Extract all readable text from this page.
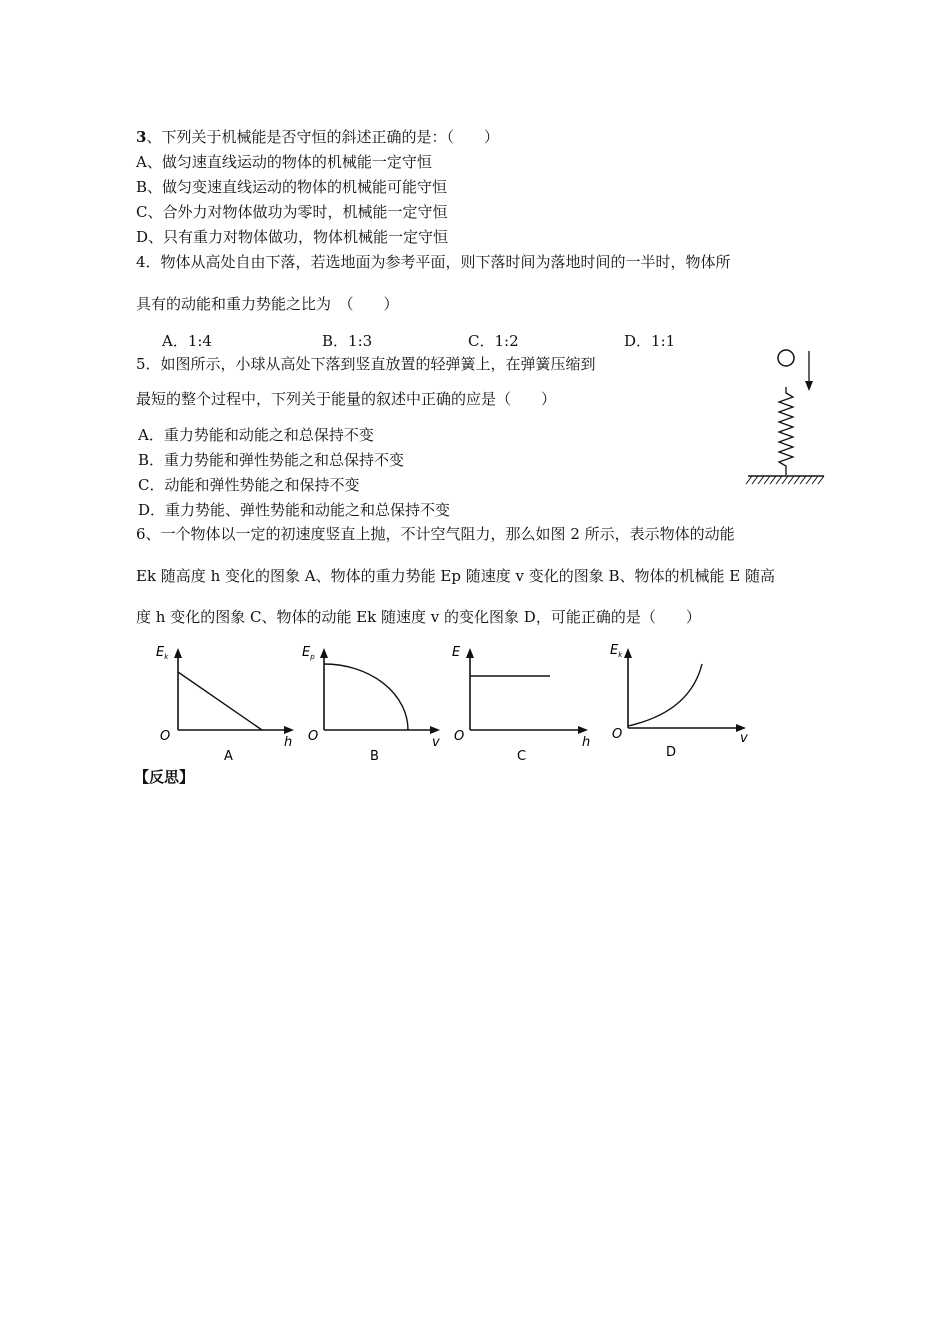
3、下列关于机械能是否守恒的斜述正确的是：（　　）
A、做匀速直线运动的物体的机械能一定守恒
B、做匀变速直线运动的物体的机械能可能守恒
C、合外力对物体做功为零时，机械能一定守恒
D、只有重力对物体做功，物体机械能一定守恒
4．物体从高处自由下落，若选地面为参考平面，则下落时间为落地时间的一半时，物体所
具有的动能和重力势能之比为　（　　）
A．1:4	B．1:3	C．1:2	D．1:1
5．如图所示，小球从高处下落到竖直放置的轻弹簧上，在弹簧压缩到
最短的整个过程中，下列关于能量的叙述中正确的应是（　　）
A．重力势能和动能之和总保持不变
B．重力势能和弹性势能之和总保持不变
C．动能和弹性势能之和保持不变
D．重力势能、弹性势能和动能之和总保持不变
6、一个物体以一定的初速度竖直上抛，不计空气阻力，那么如图 2 所示，表示物体的动能
Ek 随高度 h 变化的图象 A、物体的重力势能 Ep 随速度 v 变化的图象 B、物体的机械能 E 随高
度 h 变化的图象 C、物体的动能 Ek 随速度 v 的变化图象 D，可能正确的是（　　）
$E_k$
h
O
A
$E_p$
v
O
B
E
h
O
C
$E_k$
v
O
D
【反思】
